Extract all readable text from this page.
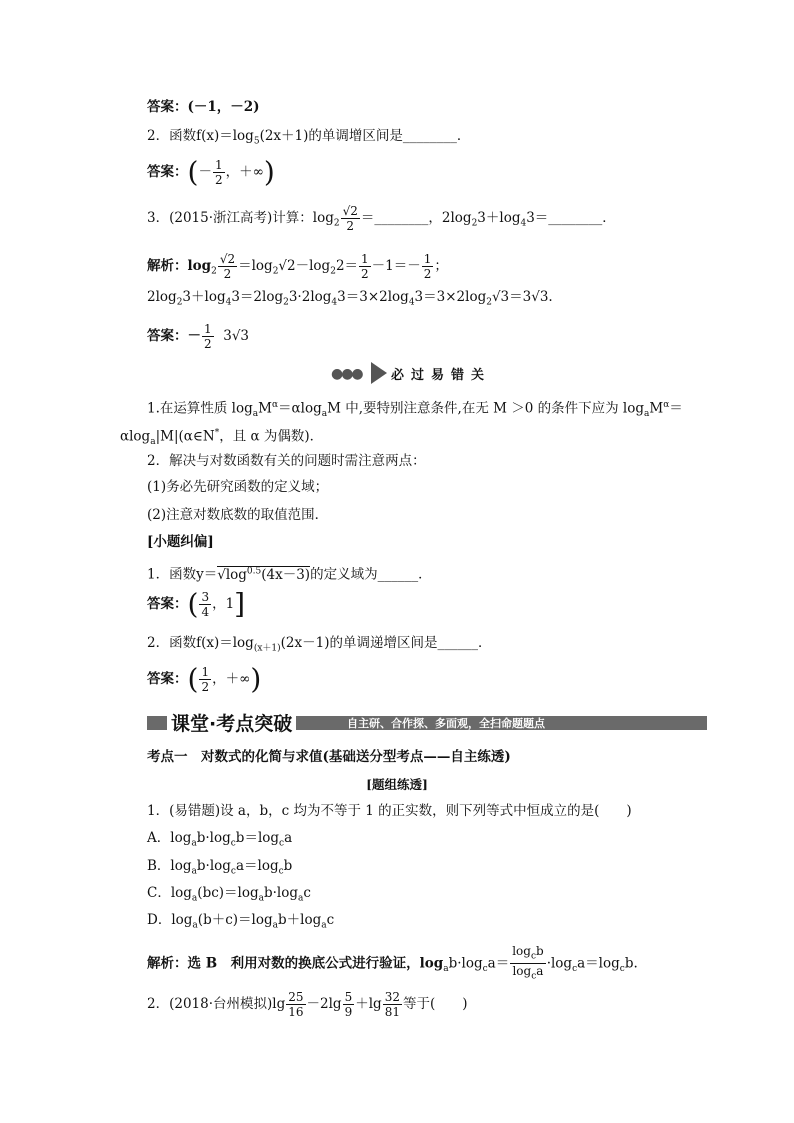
答案：(－1，－2)
2．函数$f(x)=\log_5(2x+1)$的单调增区间是________．
答案：(－ $\frac{1}{2}$ ，＋∞)
3．(2015·浙江高考)计算：$\log_2 \frac{√2}{2}$ ＝________，$2\log_23+\log_43=\_\_\_\_\_\_\_\_$．
解析：$\log_2 \frac{√2}{2} =\log_2√2-\log_22= \frac{1}{2} -1=- \frac{1}{2}$ ；
$2\log_23+\log_43=2\log_23\cdot 2\log_43=3\times 2\log_43=3\times 2\log_2√3=3√3$.
答案：－ $\frac{1}{2} 3√3$
●●● 必过易错关
1.在运算性质 $\log_aM^\alpha=\alpha\log_aM$ 中,要特别注意条件,在无 M ＞0 的条件下应为 $\log_aM^\alpha=$
αlog$_a$|M|(α∈N*，且 α 为偶数)．
2．解决与对数函数有关的问题时需注意两点：
(1)务必先研究函数的定义域；
(2)注意对数底数的取值范围．
[小题纠偏]
1．函数$y=√\log^{0.5}(4x-3)$的定义域为______．
答案：( $\frac{3}{4}$ ，1]
2．函数$f(x)=\log_{(x+1)}(2x-1)$的单调递增区间是______．
答案：( $\frac{1}{2}$ ，＋∞)
课堂·考点突破	自主研、合作探、多面观，全扫命题题点
考点一　对数式的化简与求值(基础送分型考点——自主练透)
[题组练透]
1．(易错题)设 a，b，c 均为不等于 1 的正实数，则下列等式中恒成立的是(　　)
A．$\log_ab\cdot\log_cb=\log_ca$
B．$\log_ab\cdot\log_ca=\log_cb$
C．$\log_a(bc)=\log_ab\cdot\log_ac$
D．$\log_a(b+c)=\log_ab+\log_ac$
解析：选 B　利用对数的换底公式进行验证，$\log_ab\cdot\log_ca= \frac{\log_cb}{\log_ca} \cdot\log_ca=\log_cb$.
2．(2018·台州模拟)$\lg \frac{25}{16} -2\lg \frac{5}{9} +\lg \frac{32}{81}$ 等于(　　)
